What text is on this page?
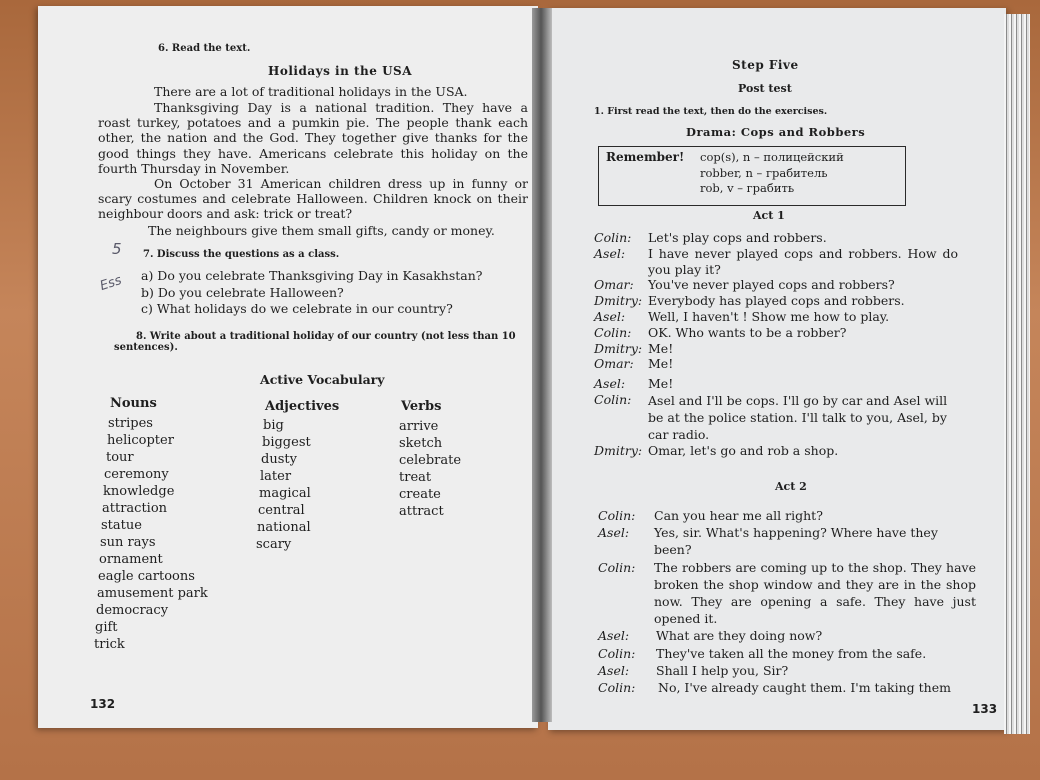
6. Read the text.
Holidays in the USA
There are a lot of traditional holidays in the USA.
Thanksgiving Day is a national tradition. They have a roast turkey, potatoes and a pumkin pie. The people thank each other, the nation and the God. They together give thanks for the good things they have. Americans celebrate this holiday on the fourth Thursday in November.
On October 31 American children dress up in funny or scary costumes and celebrate Halloween. Children knock on their neighbour doors and ask: trick or treat?
The neighbours give them small gifts, candy or money.
7. Discuss the questions as a class.
a) Do you celebrate Thanksgiving Day in Kasakhstan?
b) Do you celebrate Halloween?
c) What holidays do we celebrate in our country?
5
Ess
8. Write about a traditional holiday of our country (not less than 10
sentences).
Active Vocabulary
Nouns	Adjectives	Verbs
stripes
helicopter
tour
ceremony
knowledge
attraction
statue
sun rays
ornament
eagle cartoons
amusement park
democracy
gift
trick
big
biggest
dusty
later
magical
central
national
scary
arrive
sketch
celebrate
treat
create
attract
132
Step Five
Post test
1. First read the text, then do the exercises.
Drama: Cops and Robbers
Remember! cop(s), n – полицейский
robber, n – грабитель
rob, v – грабить
Act 1
Colin: Let's play cops and robbers.
Asel: I have never played cops and robbers. How do you play it?
Omar: You've never played cops and robbers?
Dmitry: Everybody has played cops and robbers.
Asel: Well, I haven't ! Show me how to play.
Colin: OK. Who wants to be a robber?
Dmitry: Me!
Omar: Me!
Asel: Me!
Colin: Asel and I'll be cops. I'll go by car and Asel will be at the police station. I'll talk to you, Asel, by car radio.
Dmitry: Omar, let's go and rob a shop.
Act 2
Colin: Can you hear me all right?
Asel: Yes, sir. What's happening? Where have they been?
Colin: The robbers are coming up to the shop. They have broken the shop window and they are in the shop now. They are opening a safe. They have just opened it.
Asel: What are they doing now?
Colin: They've taken all the money from the safe.
Asel: Shall I help you, Sir?
Colin: No, I've already caught them. I'm taking them
133
